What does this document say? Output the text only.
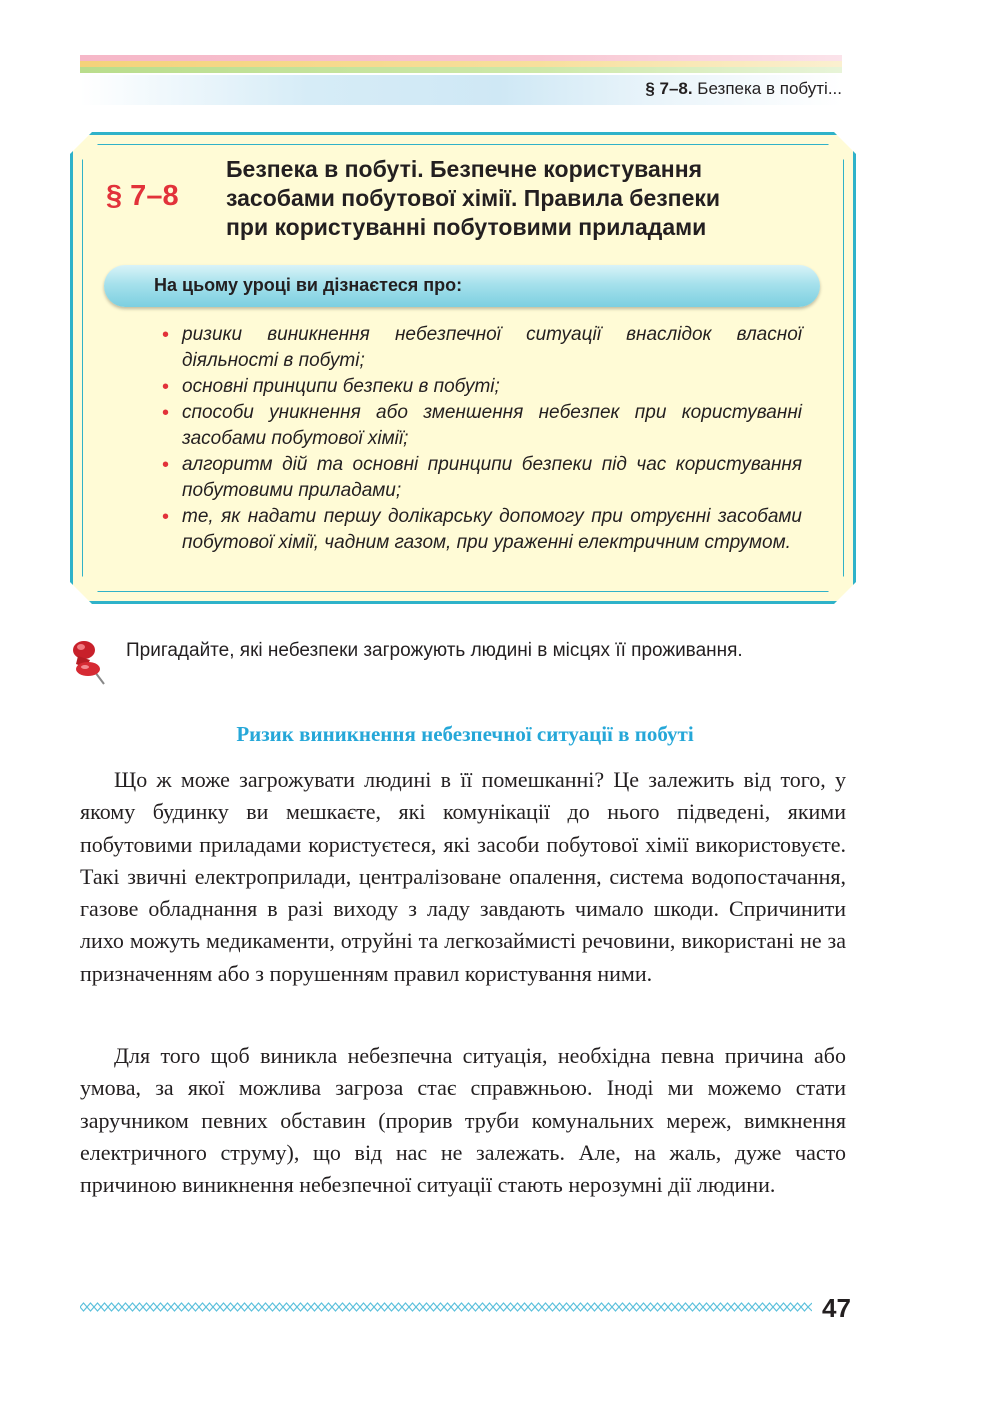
§ 7–8. Безпека в побуті...
§ 7–8
Безпека в побуті. Безпечне користування
засобами побутової хімії. Правила безпеки
при користуванні побутовими приладами
На цьому уроці ви дізнаєтеся про:
• ризики виникнення небезпечної ситуації внаслідок власної діяльності в побуті;
• основні принципи безпеки в побуті;
• способи уникнення або зменшення небезпек при користуванні засобами побутової хімії;
• алгоритм дій та основні принципи безпеки під час користування побутовими приладами;
• те, як надати першу долікарську допомогу при отруєнні засобами побутової хімії, чадним газом, при ураженні електричним струмом.
Пригадайте, які небезпеки загрожують людині в місцях її проживання.
Ризик виникнення небезпечної ситуації в побуті

Що ж може загрожувати людині в її помешканні? Це залежить від того, у якому будинку ви мешкаєте, які комунікації до нього підведені, якими побутовими приладами користуєтеся, які засоби побутової хімії використовуєте. Такі звичні електроприлади, централізоване опалення, система водопостачання, газове обладнання в разі виходу з ладу завдають чимало шкоди. Спричинити лихо можуть медикаменти, отруйні та легкозаймисті речовини, використані не за призначенням або з порушенням правил користування ними.

Для того щоб виникла небезпечна ситуація, необхідна певна причина або умова, за якої можлива загроза стає справжньою. Іноді ми можемо стати заручником певних обставин (прорив труби комунальних мереж, вимкнення електричного струму), що від нас не залежать. Але, на жаль, дуже часто причиною виникнення небезпечної ситуації стають нерозумні дії людини.

47
